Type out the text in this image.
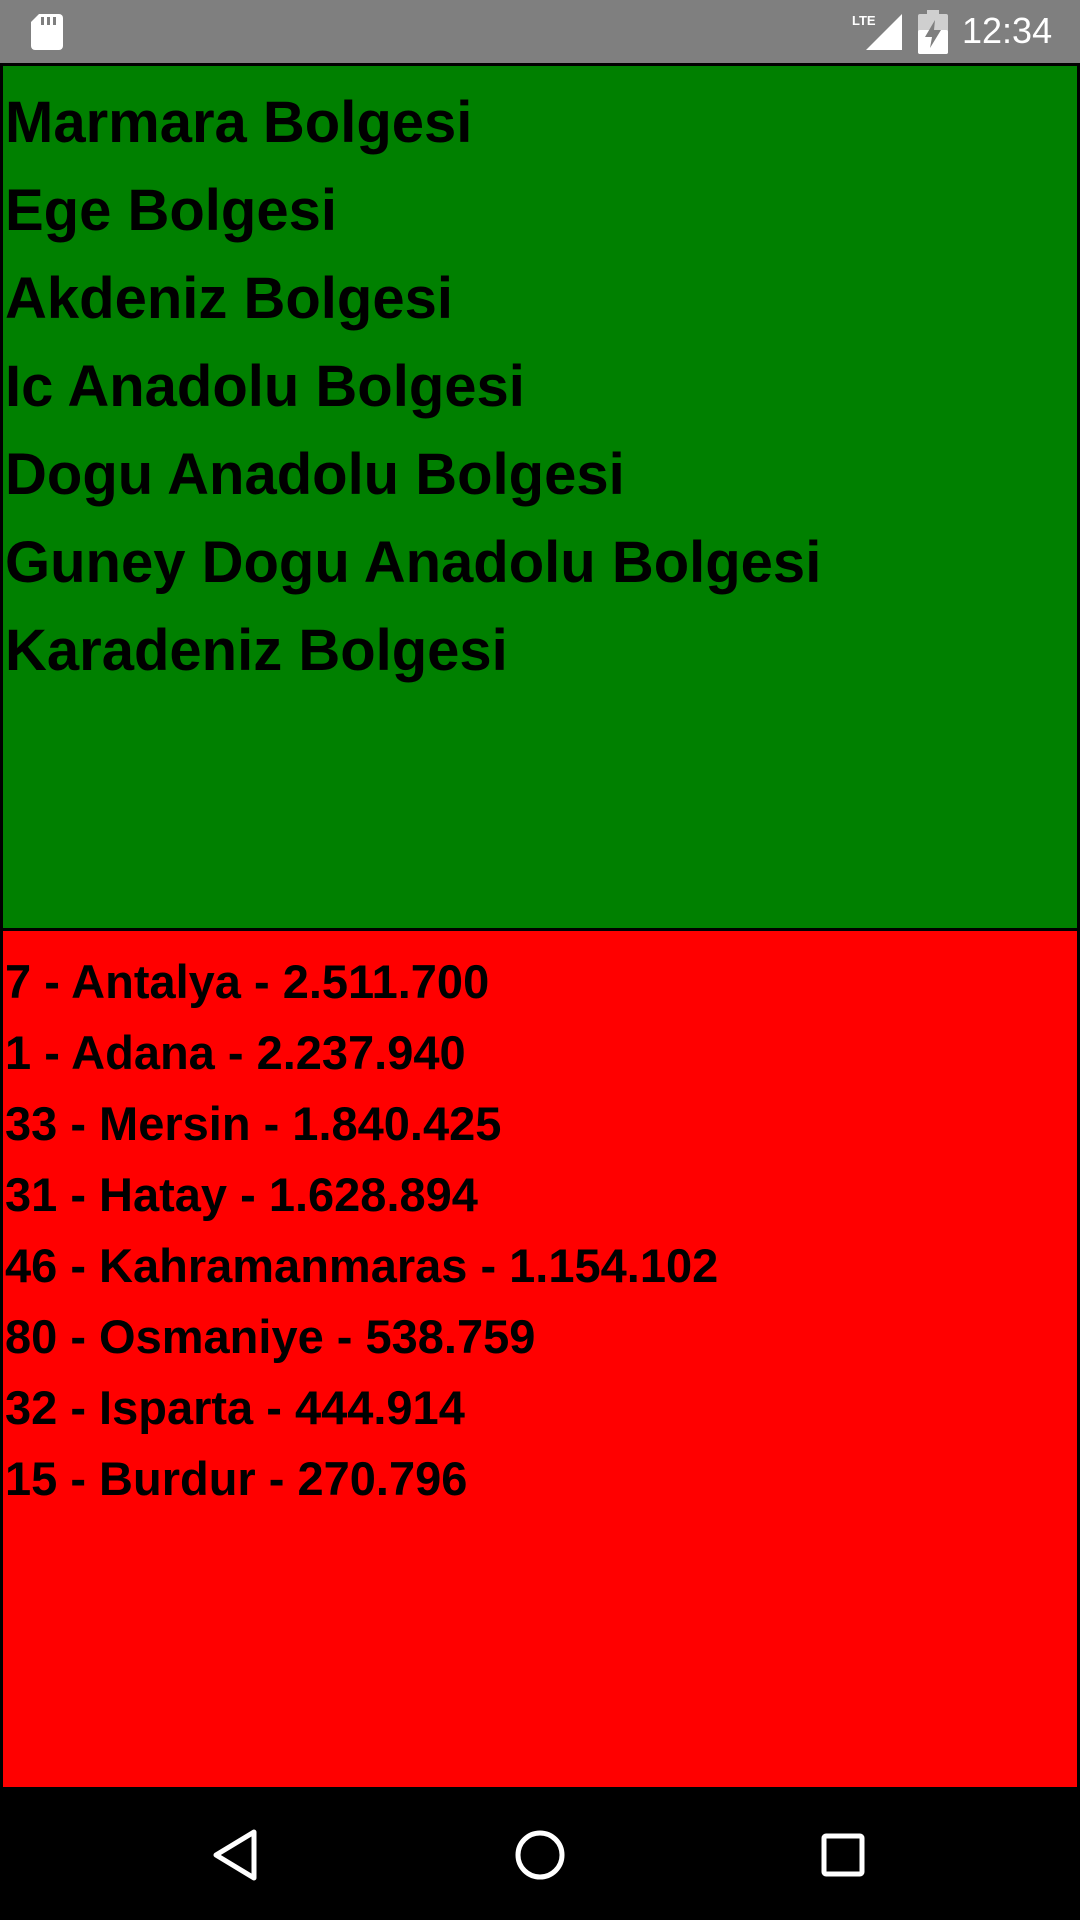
LTE 12:34
Marmara Bolgesi
Ege Bolgesi
Akdeniz Bolgesi
Ic Anadolu Bolgesi
Dogu Anadolu Bolgesi
Guney Dogu Anadolu Bolgesi
Karadeniz Bolgesi
7 - Antalya - 2.511.700
1 - Adana - 2.237.940
33 - Mersin - 1.840.425
31 - Hatay - 1.628.894
46 - Kahramanmaras - 1.154.102
80 - Osmaniye - 538.759
32 - Isparta - 444.914
15 - Burdur - 270.796
